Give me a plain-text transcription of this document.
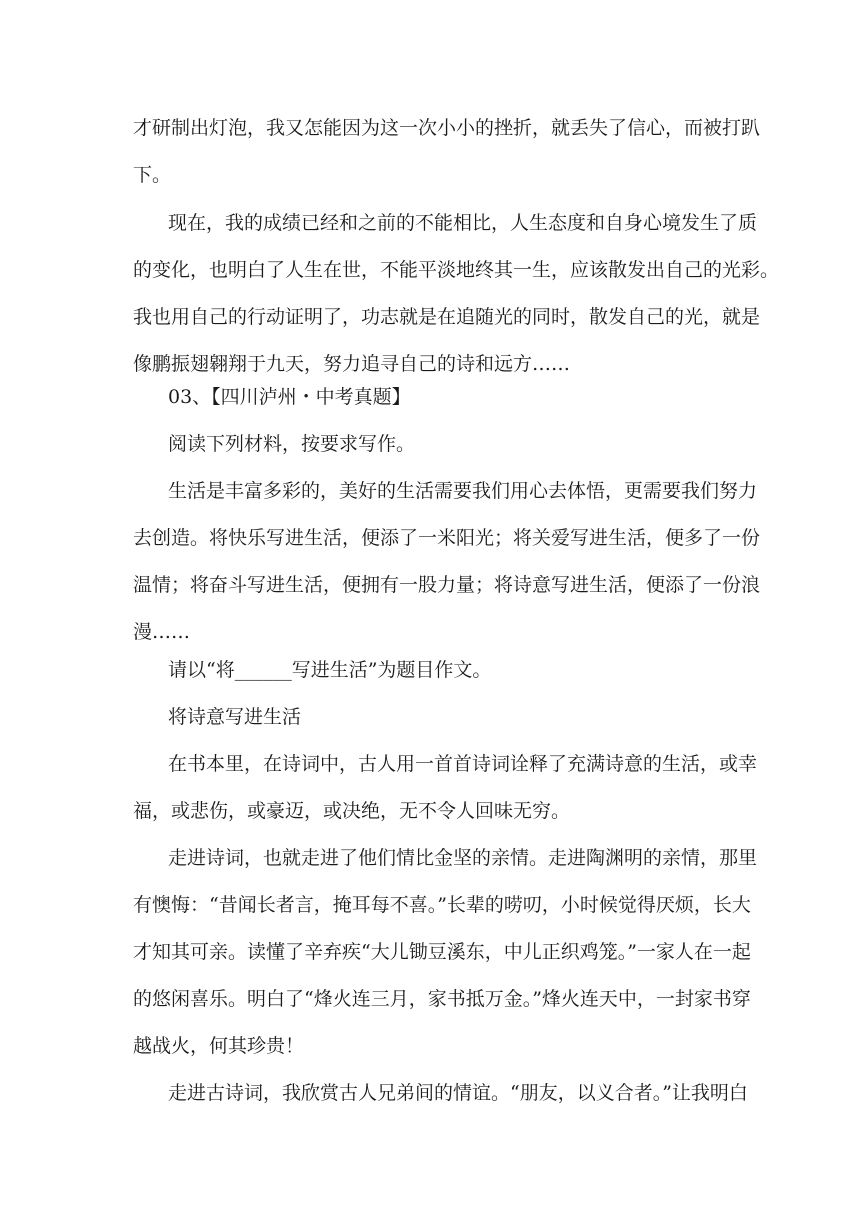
才研制出灯泡，我又怎能因为这一次小小的挫折，就丢失了信心，而被打趴
下。
现在，我的成绩已经和之前的不能相比，人生态度和自身心境发生了质
的变化，也明白了人生在世，不能平淡地终其一生，应该散发出自己的光彩。
我也用自己的行动证明了，功志就是在追随光的同时，散发自己的光，就是
像鹏振翅翱翔于九天，努力追寻自己的诗和远方……
03、【四川泸州・中考真题】
阅读下列材料，按要求写作。
生活是丰富多彩的，美好的生活需要我们用心去体悟，更需要我们努力
去创造。将快乐写进生活，便添了一米阳光；将关爱写进生活，便多了一份
温情；将奋斗写进生活，便拥有一股力量；将诗意写进生活，便添了一份浪
漫……
请以“将______写进生活”为题目作文。
将诗意写进生活
在书本里，在诗词中，古人用一首首诗词诠释了充满诗意的生活，或幸
福，或悲伤，或豪迈，或决绝，无不令人回味无穷。
走进诗词，也就走进了他们情比金坚的亲情。走进陶渊明的亲情，那里
有懊悔：“昔闻长者言，掩耳每不喜。”长辈的唠叨，小时候觉得厌烦，长大
才知其可亲。读懂了辛弃疾“大儿锄豆溪东，中儿正织鸡笼。”一家人在一起
的悠闲喜乐。明白了“烽火连三月，家书抵万金。”烽火连天中，一封家书穿
越战火，何其珍贵！
走进古诗词，我欣赏古人兄弟间的情谊。“朋友，以义合者。”让我明白
